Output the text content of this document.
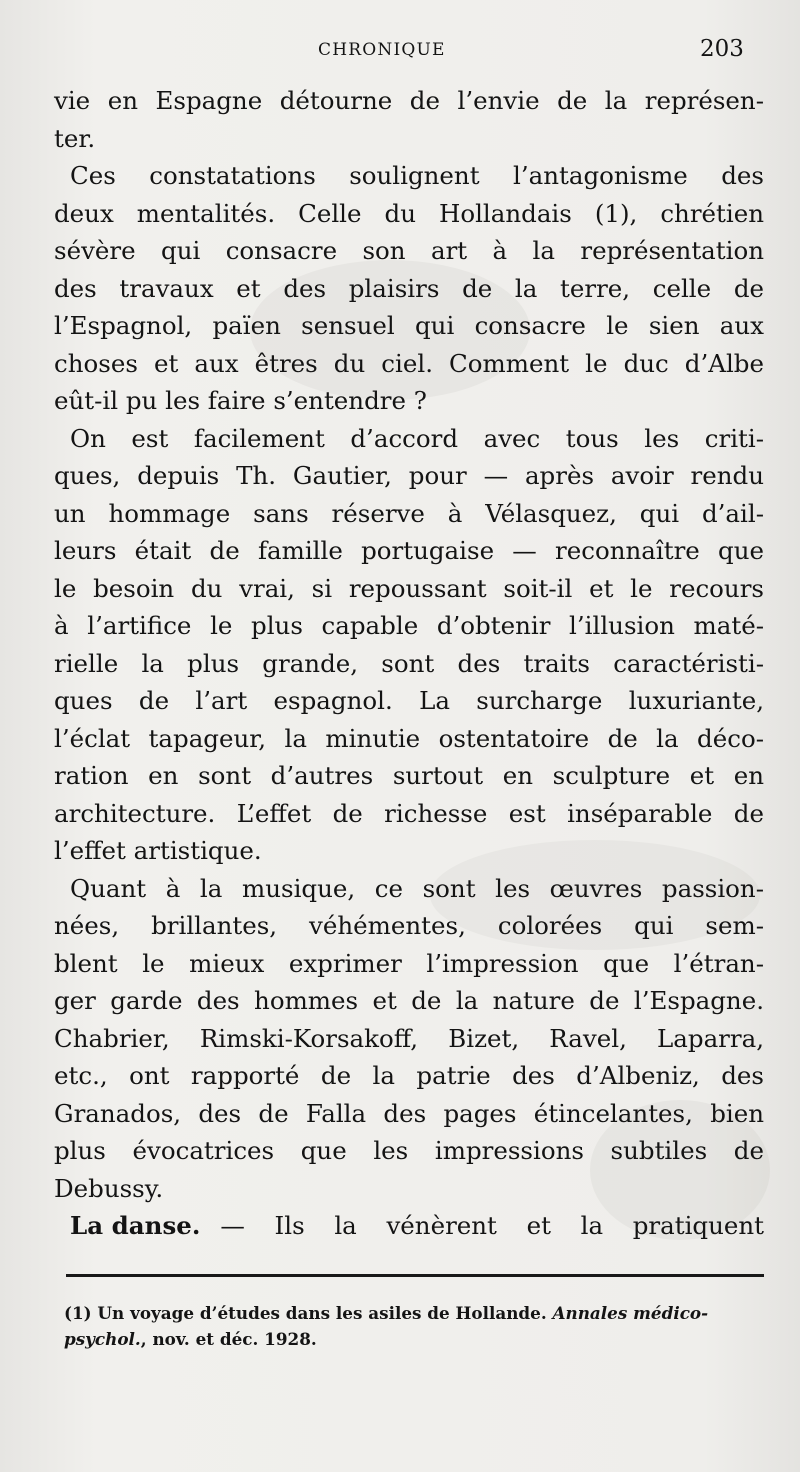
CHRONIQUE	203
vie en Espagne détourne de l’envie de la représen-
ter.
Ces constatations soulignent l’antagonisme des
deux mentalités. Celle du Hollandais (1), chrétien
sévère qui consacre son art à la représentation
des travaux et des plaisirs de la terre, celle de
l’Espagnol, païen sensuel qui consacre le sien aux
choses et aux êtres du ciel. Comment le duc d’Albe
eût-il pu les faire s’entendre ?
On est facilement d’accord avec tous les criti-
ques, depuis Th. Gautier, pour — après avoir rendu
un hommage sans réserve à Vélasquez, qui d’ail-
leurs était de famille portugaise — reconnaître que
le besoin du vrai, si repoussant soit-il et le recours
à l’artifice le plus capable d’obtenir l’illusion maté-
rielle la plus grande, sont des traits caractéristi-
ques de l’art espagnol. La surcharge luxuriante,
l’éclat tapageur, la minutie ostentatoire de la déco-
ration en sont d’autres surtout en sculpture et en
architecture. L’effet de richesse est inséparable de
l’effet artistique.
Quant à la musique, ce sont les œuvres passion-
nées, brillantes, véhémentes, colorées qui sem-
blent le mieux exprimer l’impression que l’étran-
ger garde des hommes et de la nature de l’Espagne.
Chabrier, Rimski-Korsakoff, Bizet, Ravel, Laparra,
etc., ont rapporté de la patrie des d’Albeniz, des
Granados, des de Falla des pages étincelantes, bien
plus évocatrices que les impressions subtiles de
Debussy.
La danse. — Ils la vénèrent et la pratiquent
(1) Un voyage d’études dans les asiles de Hollande. Annales médico-
psychol., nov. et déc. 1928.
